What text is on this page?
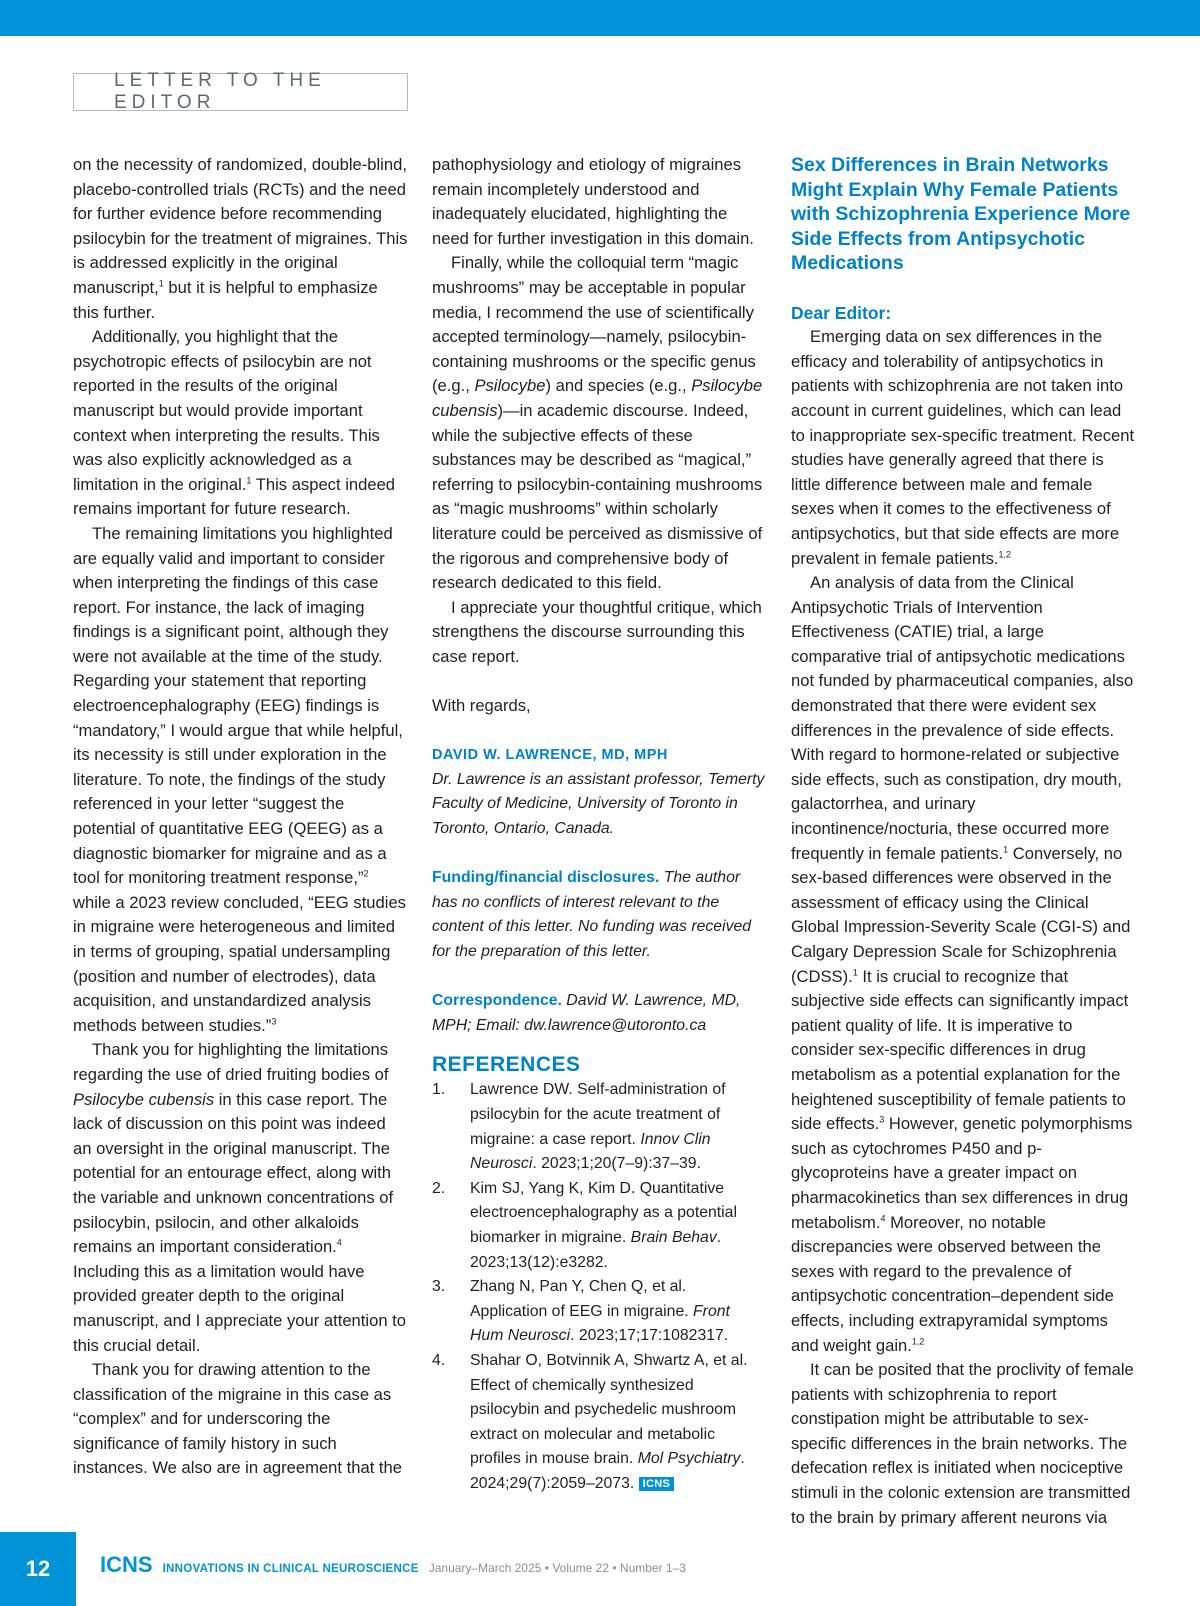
LETTER TO THE EDITOR

on the necessity of randomized, double-blind, placebo-controlled trials (RCTs) and the need for further evidence before recommending psilocybin for the treatment of migraines. This is addressed explicitly in the original manuscript,$^1$ but it is helpful to emphasize this further.

Additionally, you highlight that the psychotropic effects of psilocybin are not reported in the results of the original manuscript but would provide important context when interpreting the results. This was also explicitly acknowledged as a limitation in the original.$^1$ This aspect indeed remains important for future research.

The remaining limitations you highlighted are equally valid and important to consider when interpreting the findings of this case report. For instance, the lack of imaging findings is a significant point, although they were not available at the time of the study. Regarding your statement that reporting electroencephalography (EEG) findings is “mandatory,” I would argue that while helpful, its necessity is still under exploration in the literature. To note, the findings of the study referenced in your letter “suggest the potential of quantitative EEG (QEEG) as a diagnostic biomarker for migraine and as a tool for monitoring treatment response,”$^2$ while a 2023 review concluded, “EEG studies in migraine were heterogeneous and limited in terms of grouping, spatial undersampling (position and number of electrodes), data acquisition, and unstandardized analysis methods between studies.”$^3$

Thank you for highlighting the limitations regarding the use of dried fruiting bodies of Psilocybe cubensis in this case report. The lack of discussion on this point was indeed an oversight in the original manuscript. The potential for an entourage effect, along with the variable and unknown concentrations of psilocybin, psilocin, and other alkaloids remains an important consideration.$^4$ Including this as a limitation would have provided greater depth to the original manuscript, and I appreciate your attention to this crucial detail.

Thank you for drawing attention to the classification of the migraine in this case as “complex” and for underscoring the significance of family history in such instances. We also are in agreement that the

pathophysiology and etiology of migraines remain incompletely understood and inadequately elucidated, highlighting the need for further investigation in this domain.

Finally, while the colloquial term “magic mushrooms” may be acceptable in popular media, I recommend the use of scientifically accepted terminology—namely, psilocybin-containing mushrooms or the specific genus (e.g., Psilocybe) and species (e.g., Psilocybe cubensis)—in academic discourse. Indeed, while the subjective effects of these substances may be described as “magical,” referring to psilocybin-containing mushrooms as “magic mushrooms” within scholarly literature could be perceived as dismissive of the rigorous and comprehensive body of research dedicated to this field.

I appreciate your thoughtful critique, which strengthens the discourse surrounding this case report.

With regards,

DAVID W. LAWRENCE, MD, MPH

Dr. Lawrence is an assistant professor, Temerty Faculty of Medicine, University of Toronto in Toronto, Ontario, Canada.

Funding/financial disclosures. The author has no conflicts of interest relevant to the content of this letter. No funding was received for the preparation of this letter.

Correspondence. David W. Lawrence, MD, MPH; Email: dw.lawrence@utoronto.ca

REFERENCES

1.	Lawrence DW. Self-administration of psilocybin for the acute treatment of migraine: a case report. Innov Clin Neurosci. 2023;1;20(7–9):37–39.
2.	Kim SJ, Yang K, Kim D. Quantitative electroencephalography as a potential biomarker in migraine. Brain Behav. 2023;13(12):e3282.
3.	Zhang N, Pan Y, Chen Q, et al. Application of EEG in migraine. Front Hum Neurosci. 2023;17;17:1082317.
4.	Shahar O, Botvinnik A, Shwartz A, et al. Effect of chemically synthesized psilocybin and psychedelic mushroom extract on molecular and metabolic profiles in mouse brain. Mol Psychiatry. 2024;29(7):2059–2073. ICNS

Sex Differences in Brain Networks Might Explain Why Female Patients with Schizophrenia Experience More Side Effects from Antipsychotic Medications

Dear Editor:

Emerging data on sex differences in the efficacy and tolerability of antipsychotics in patients with schizophrenia are not taken into account in current guidelines, which can lead to inappropriate sex-specific treatment. Recent studies have generally agreed that there is little difference between male and female sexes when it comes to the effectiveness of antipsychotics, but that side effects are more prevalent in female patients.$^{1,2}$

An analysis of data from the Clinical Antipsychotic Trials of Intervention Effectiveness (CATIE) trial, a large comparative trial of antipsychotic medications not funded by pharmaceutical companies, also demonstrated that there were evident sex differences in the prevalence of side effects. With regard to hormone-related or subjective side effects, such as constipation, dry mouth, galactorrhea, and urinary incontinence/nocturia, these occurred more frequently in female patients.$^1$ Conversely, no sex-based differences were observed in the assessment of efficacy using the Clinical Global Impression-Severity Scale (CGI-S) and Calgary Depression Scale for Schizophrenia (CDSS).$^1$ It is crucial to recognize that subjective side effects can significantly impact patient quality of life. It is imperative to consider sex-specific differences in drug metabolism as a potential explanation for the heightened susceptibility of female patients to side effects.$^3$ However, genetic polymorphisms such as cytochromes P450 and p-glycoproteins have a greater impact on pharmacokinetics than sex differences in drug metabolism.$^4$ Moreover, no notable discrepancies were observed between the sexes with regard to the prevalence of antipsychotic concentration–dependent side effects, including extrapyramidal symptoms and weight gain.$^{1,2}$

It can be posited that the proclivity of female patients with schizophrenia to report constipation might be attributable to sex-specific differences in the brain networks. The defecation reflex is initiated when nociceptive stimuli in the colonic extension are transmitted to the brain by primary afferent neurons via

12 ICNS INNOVATIONS IN CLINICAL NEUROSCIENCE January–March 2025 • Volume 22 • Number 1–3
